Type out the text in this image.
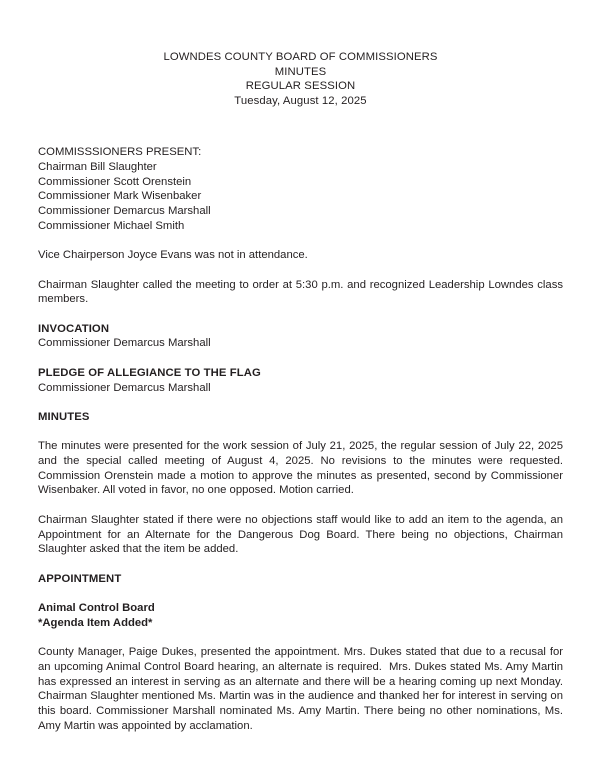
LOWNDES COUNTY BOARD OF COMMISSIONERS
MINUTES
REGULAR SESSION
Tuesday, August 12, 2025
COMMISSSIONERS PRESENT:
Chairman Bill Slaughter
Commissioner Scott Orenstein
Commissioner Mark Wisenbaker
Commissioner Demarcus Marshall
Commissioner Michael Smith

Vice Chairperson Joyce Evans was not in attendance.

Chairman Slaughter called the meeting to order at 5:30 p.m. and recognized Leadership Lowndes class members.

INVOCATION
Commissioner Demarcus Marshall
PLEDGE OF ALLEGIANCE TO THE FLAG
Commissioner Demarcus Marshall
MINUTES

The minutes were presented for the work session of July 21, 2025, the regular session of July 22, 2025 and the special called meeting of August 4, 2025. No revisions to the minutes were requested. Commission Orenstein made a motion to approve the minutes as presented, second by Commissioner Wisenbaker. All voted in favor, no one opposed. Motion carried.

Chairman Slaughter stated if there were no objections staff would like to add an item to the agenda, an Appointment for an Alternate for the Dangerous Dog Board. There being no objections, Chairman Slaughter asked that the item be added.

APPOINTMENT
Animal Control Board
*Agenda Item Added*

County Manager, Paige Dukes, presented the appointment. Mrs. Dukes stated that due to a recusal for an upcoming Animal Control Board hearing, an alternate is required.  Mrs. Dukes stated Ms. Amy Martin has expressed an interest in serving as an alternate and there will be a hearing coming up next Monday. Chairman Slaughter mentioned Ms. Martin was in the audience and thanked her for interest in serving on this board. Commissioner Marshall nominated Ms. Amy Martin. There being no other nominations, Ms. Amy Martin was appointed by acclamation.
